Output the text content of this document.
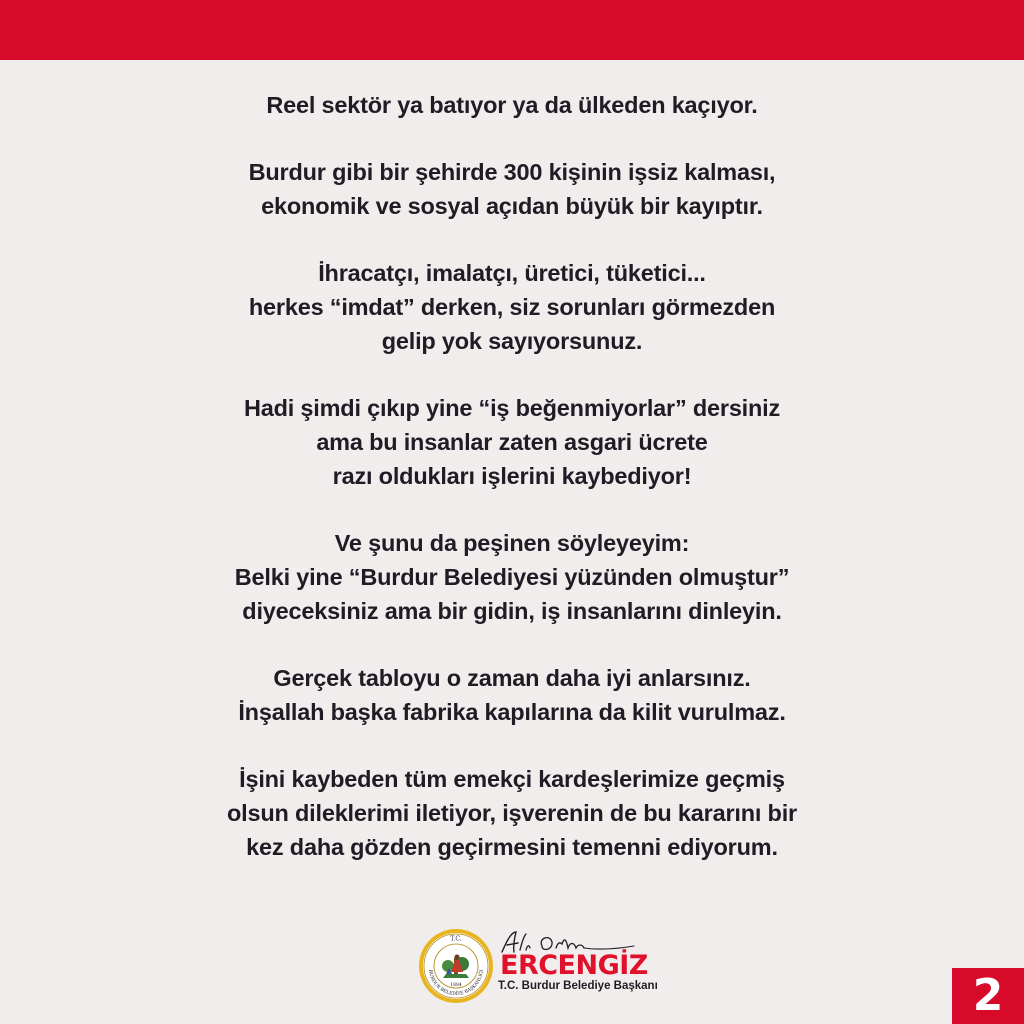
Reel sektör ya batıyor ya da ülkeden kaçıyor.

Burdur gibi bir şehirde 300 kişinin işsiz kalması,
ekonomik ve sosyal açıdan büyük bir kayıptır.

İhracatçı, imalatçı, üretici, tüketici...
herkes “imdat” derken, siz sorunları görmezden
gelip yok sayıyorsunuz.

Hadi şimdi çıkıp yine “iş beğenmiyorlar” dersiniz
ama bu insanlar zaten asgari ücrete
razı oldukları işlerini kaybediyor!

Ve şunu da peşinen söyleyeyim:
Belki yine “Burdur Belediyesi yüzünden olmuştur”
diyeceksiniz ama bir gidin, iş insanlarını dinleyin.

Gerçek tabloyu o zaman daha iyi anlarsınız.
İnşallah başka fabrika kapılarına da kilit vurulmaz.

İşini kaybeden tüm emekçi kardeşlerimize geçmiş
olsun dileklerimi iletiyor, işverenin de bu kararını bir
kez daha gözden geçirmesini temenni ediyorum.

T.C.
BURDUR BELEDİYE BAŞKANLIĞI
1884
ERCENGİZ
T.C. Burdur Belediye Başkanı	2
